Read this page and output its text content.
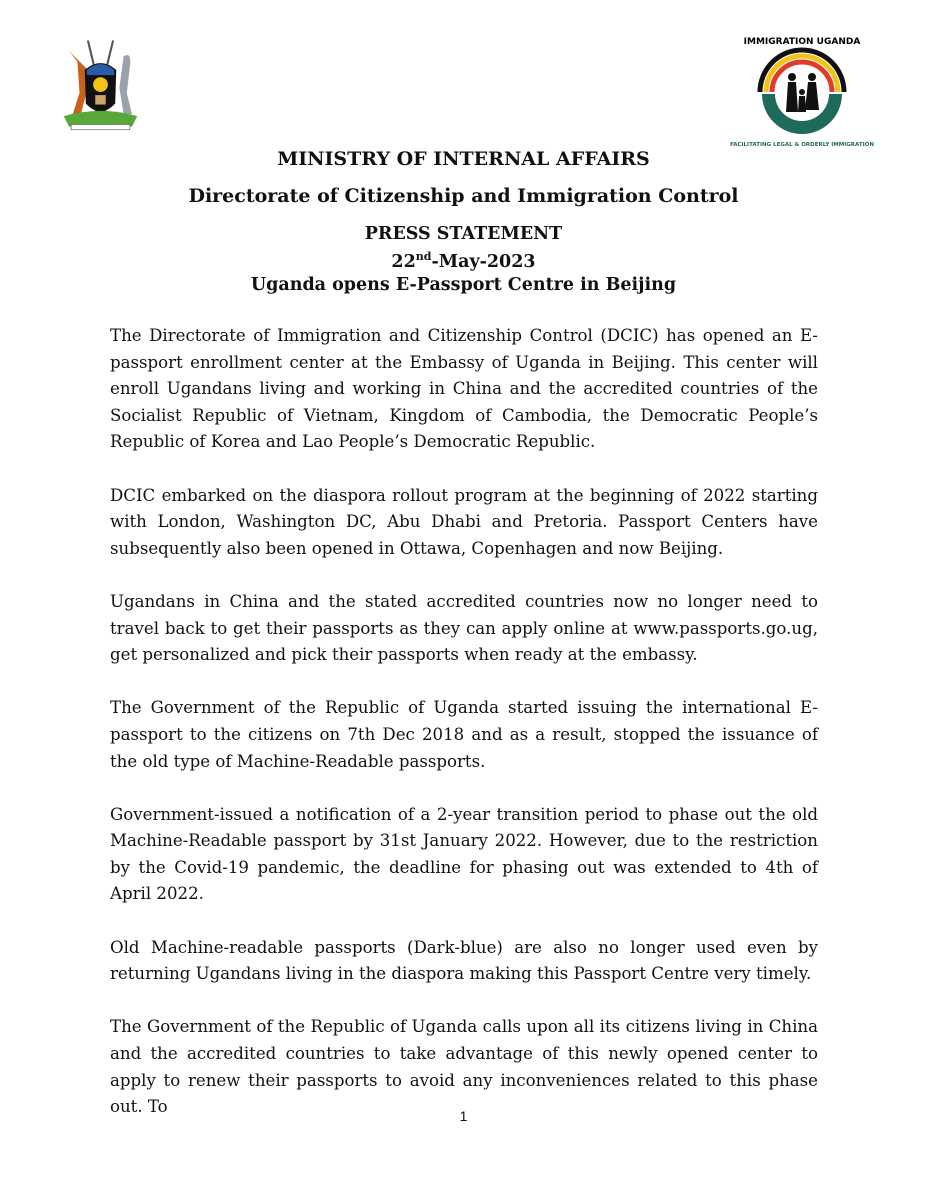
IMMIGRATION UGANDA
FACILITATING LEGAL & ORDERLY IMMIGRATION
MINISTRY OF INTERNAL AFFAIRS
Directorate of Citizenship and Immigration Control
PRESS STATEMENT
22nd-May-2023
Uganda opens E-Passport Centre in Beijing

The Directorate of Immigration and Citizenship Control (DCIC) has opened an E-passport enrollment center at the Embassy of Uganda in Beijing. This center will enroll Ugandans living and working in China and the accredited countries of the Socialist Republic of Vietnam, Kingdom of Cambodia, the Democratic People’s Republic of Korea and Lao People’s Democratic Republic.

DCIC embarked on the diaspora rollout program at the beginning of 2022 starting with London, Washington DC, Abu Dhabi and Pretoria. Passport Centers have subsequently also been opened in Ottawa, Copenhagen and now Beijing.

Ugandans in China and the stated accredited countries now no longer need to travel back to get their passports as they can apply online at www.passports.go.ug, get personalized and pick their passports when ready at the embassy.

The Government of the Republic of Uganda started issuing the international E-passport to the citizens on 7th Dec 2018 and as a result, stopped the issuance of the old type of Machine-Readable passports.

Government-issued a notification of a 2-year transition period to phase out the old Machine-Readable passport by 31st January 2022. However, due to the restriction by the Covid-19 pandemic, the deadline for phasing out was extended to 4th of April 2022.

Old Machine-readable passports (Dark-blue) are also no longer used even by returning Ugandans living in the diaspora making this Passport Centre very timely.

The Government of the Republic of Uganda calls upon all its citizens living in China and the accredited countries to take advantage of this newly opened center to apply to renew their passports to avoid any inconveniences related to this phase out. To	1
